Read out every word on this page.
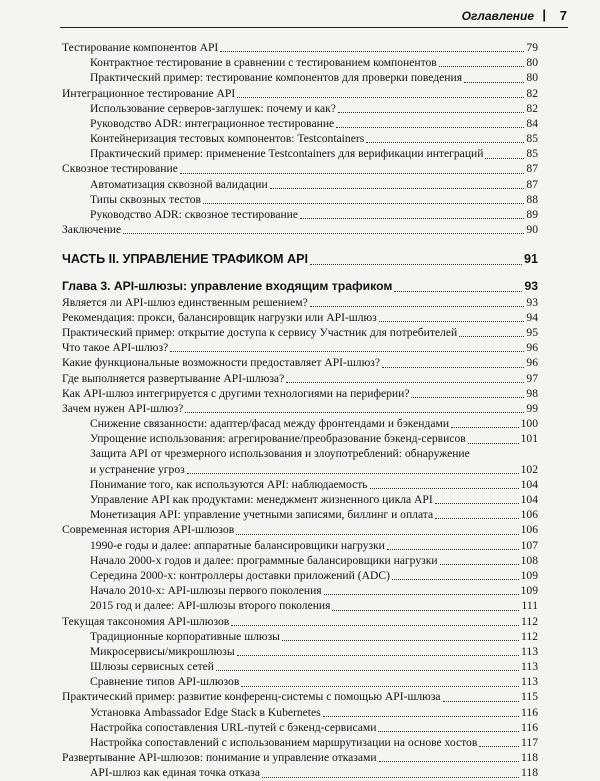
Оглавление | 7
Тестирование компонентов API	79
Контрактное тестирование в сравнении с тестированием компонентов	80
Практический пример: тестирование компонентов для проверки поведения	80
Интеграционное тестирование API	82
Использование серверов-заглушек: почему и как?	82
Руководство ADR: интеграционное тестирование	84
Контейнеризация тестовых компонентов: Testcontainers	85
Практический пример: применение Testcontainers для верификации интеграций	85
Сквозное тестирование	87
Автоматизация сквозной валидации	87
Типы сквозных тестов	88
Руководство ADR: сквозное тестирование	89
Заключение	90
ЧАСТЬ II. УПРАВЛЕНИЕ ТРАФИКОМ API	91
Глава 3. API-шлюзы: управление входящим трафиком	93
Является ли API-шлюз единственным решением?	93
Рекомендация: прокси, балансировщик нагрузки или API-шлюз	94
Практический пример: открытие доступа к сервису Участник для потребителей	95
Что такое API-шлюз?	96
Какие функциональные возможности предоставляет API-шлюз?	96
Где выполняется развертывание API-шлюза?	97
Как API-шлюз интегрируется с другими технологиями на периферии?	98
Зачем нужен API-шлюз?	99
Снижение связанности: адаптер/фасад между фронтендами и бэкендами	100
Упрощение использования: агрегирование/преобразование бэкенд-сервисов	101
Защита API от чрезмерного использования и злоупотреблений: обнаружение
и устранение угроз	102
Понимание того, как используются API: наблюдаемость	104
Управление API как продуктами: менеджмент жизненного цикла API	104
Монетизация API: управление учетными записями, биллинг и оплата	106
Современная история API-шлюзов	106
1990-е годы и далее: аппаратные балансировщики нагрузки	107
Начало 2000-х годов и далее: программные балансировщики нагрузки	108
Середина 2000-х: контроллеры доставки приложений (ADC)	109
Начало 2010-х: API-шлюзы первого поколения	109
2015 год и далее: API-шлюзы второго поколения	111
Текущая таксономия API-шлюзов	112
Традиционные корпоративные шлюзы	112
Микросервисы/микрошлюзы	113
Шлюзы сервисных сетей	113
Сравнение типов API-шлюзов	113
Практический пример: развитие конференц-системы с помощью API-шлюза	115
Установка Ambassador Edge Stack в Kubernetes	116
Настройка сопоставления URL-путей с бэкенд-сервисами	116
Настройка сопоставлений с использованием маршрутизации на основе хостов	117
Развертывание API-шлюзов: понимание и управление отказами	118
API-шлюз как единая точка отказа	118
